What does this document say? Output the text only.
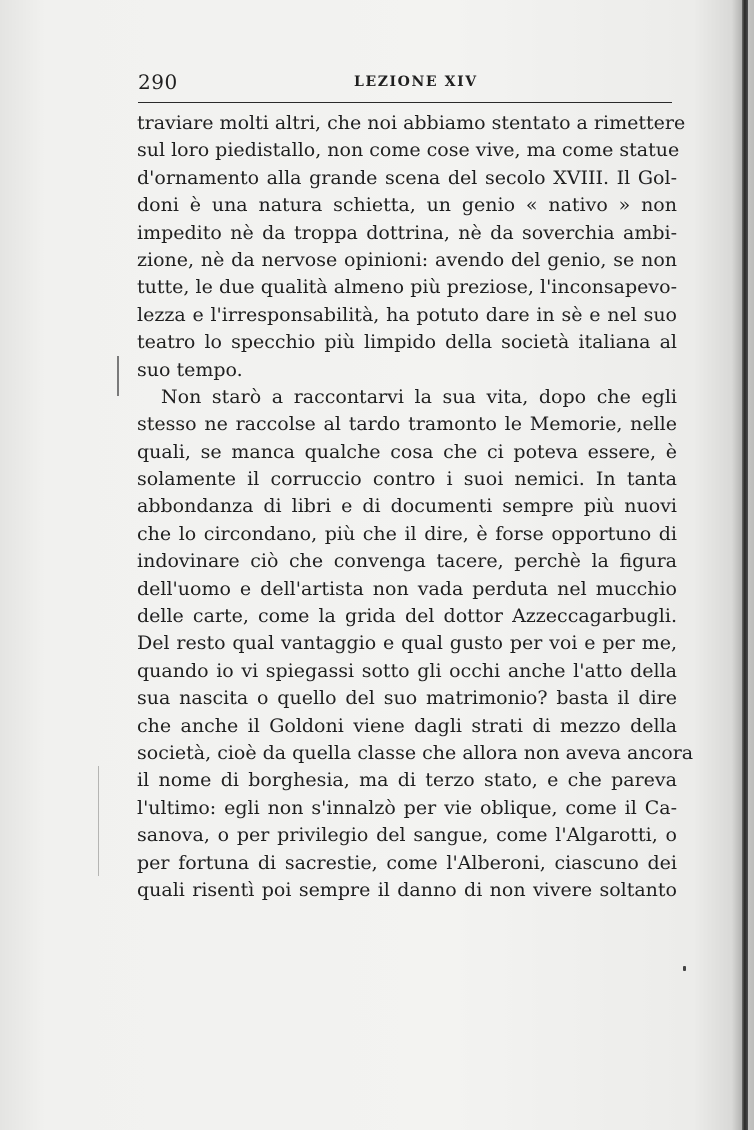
290	LEZIONE XIV
traviare molti altri, che noi abbiamo stentato a rimettere
sul loro piedistallo, non come cose vive, ma come statue
d'ornamento alla grande scena del secolo XVIII. Il Gol-
doni è una natura schietta, un genio « nativo » non
impedito nè da troppa dottrina, nè da soverchia ambi-
zione, nè da nervose opinioni: avendo del genio, se non
tutte, le due qualità almeno più preziose, l'inconsapevo-
lezza e l'irresponsabilità, ha potuto dare in sè e nel suo
teatro lo specchio più limpido della società italiana al
suo tempo.
Non starò a raccontarvi la sua vita, dopo che egli
stesso ne raccolse al tardo tramonto le Memorie, nelle
quali, se manca qualche cosa che ci poteva essere, è
solamente il corruccio contro i suoi nemici. In tanta
abbondanza di libri e di documenti sempre più nuovi
che lo circondano, più che il dire, è forse opportuno di
indovinare ciò che convenga tacere, perchè la figura
dell'uomo e dell'artista non vada perduta nel mucchio
delle carte, come la grida del dottor Azzeccagarbugli.
Del resto qual vantaggio e qual gusto per voi e per me,
quando io vi spiegassi sotto gli occhi anche l'atto della
sua nascita o quello del suo matrimonio? basta il dire
che anche il Goldoni viene dagli strati di mezzo della
società, cioè da quella classe che allora non aveva ancora
il nome di borghesia, ma di terzo stato, e che pareva
l'ultimo: egli non s'innalzò per vie oblique, come il Ca-
sanova, o per privilegio del sangue, come l'Algarotti, o
per fortuna di sacrestie, come l'Alberoni, ciascuno dei
quali risentì poi sempre il danno di non vivere soltanto
